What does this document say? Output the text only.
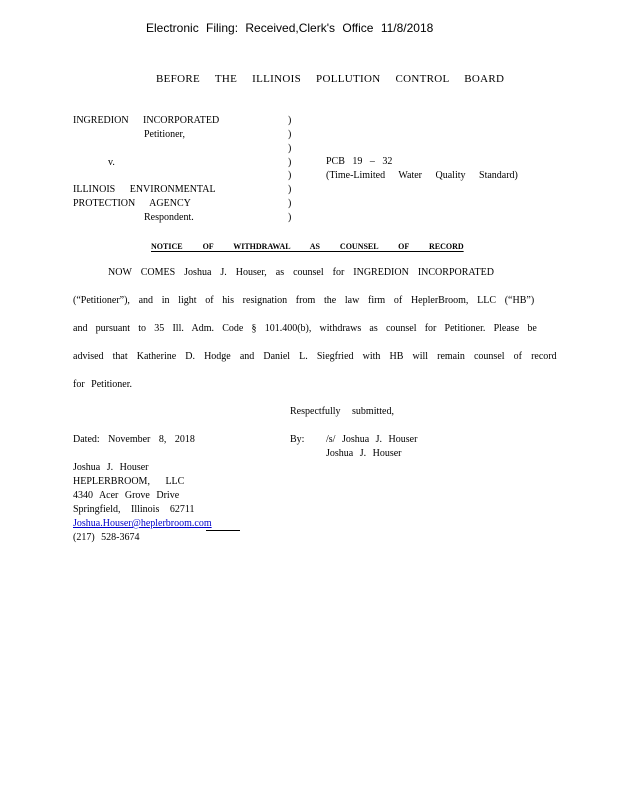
Electronic Filing: Received,Clerk's Office 11/8/2018
BEFORE THE ILLINOIS POLLUTION CONTROL BOARD
INGREDION INCORPORATED
Petitioner,
v.
ILLINOIS ENVIRONMENTAL
PROTECTION AGENCY
Respondent.
)
)
)
)
)
)
)
)
PCB 19 – 32
(Time-Limited Water Quality Standard)
NOTICE OF WITHDRAWAL AS COUNSEL OF RECORD
NOW COMES Joshua J. Houser, as counsel for INGREDION INCORPORATED
(“Petitioner”), and in light of his resignation from the law firm of HeplerBroom, LLC (“HB”)
and pursuant to 35 Ill. Adm. Code § 101.400(b), withdraws as counsel for Petitioner. Please be
advised that Katherine D. Hodge and Daniel L. Siegfried with HB will remain counsel of record
for Petitioner.
Respectfully submitted,
Dated: November 8, 2018	By: /s/ Joshua J. Houser
Joshua J. Houser
Joshua J. Houser
HEPLERBROOM, LLC
4340 Acer Grove Drive
Springfield, Illinois 62711
Joshua.Houser@heplerbroom.com
(217) 528-3674
